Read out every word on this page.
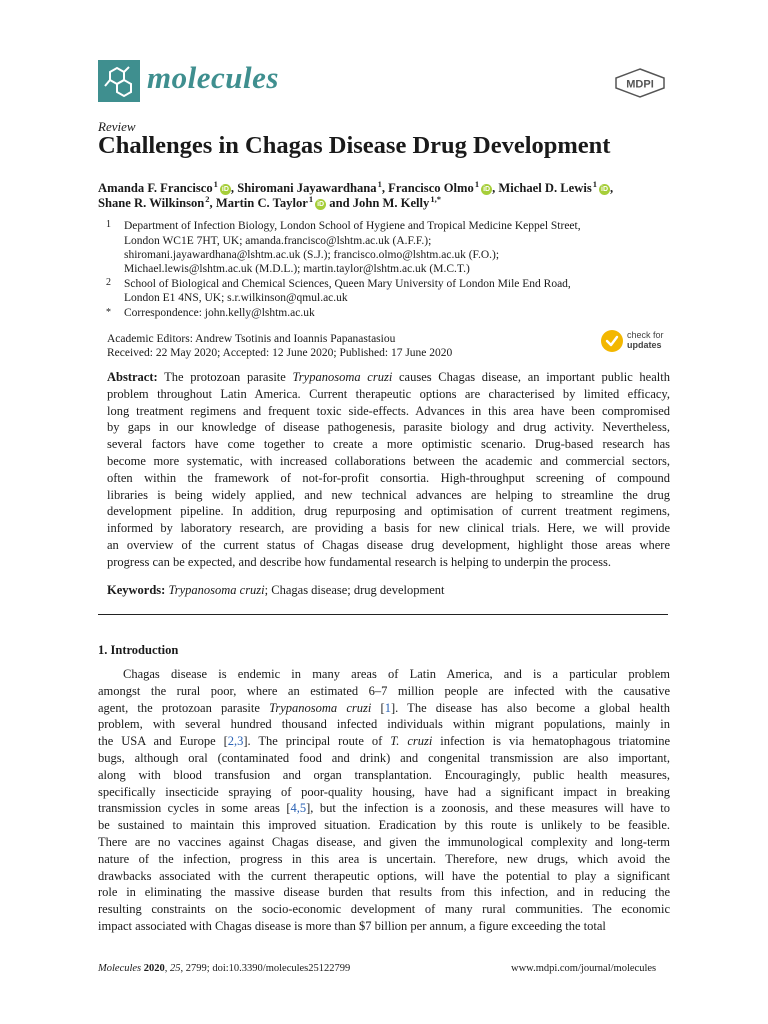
molecules	MDPI
Review
Challenges in Chagas Disease Drug Development
Amanda F. Francisco$^1$iD , Shiromani Jayawardhana$^1$, Francisco Olmo$^1$iD , Michael D. Lewis$^1$iD ,
Shane R. Wilkinson$^2$, Martin C. Taylor$^1$iD and John M. Kelly$^{1,*}$
1 Department of Infection Biology, London School of Hygiene and Tropical Medicine Keppel Street,
London WC1E 7HT, UK; amanda.francisco@lshtm.ac.uk (A.F.F.);
shiromani.jayawardhana@lshtm.ac.uk (S.J.); francisco.olmo@lshtm.ac.uk (F.O.);
Michael.lewis@lshtm.ac.uk (M.D.L.); martin.taylor@lshtm.ac.uk (M.C.T.)
2 School of Biological and Chemical Sciences, Queen Mary University of London Mile End Road,
London E1 4NS, UK; s.r.wilkinson@qmul.ac.uk
* Correspondence: john.kelly@lshtm.ac.uk
Academic Editors: Andrew Tsotinis and Ioannis Papanastasiou
Received: 22 May 2020; Accepted: 12 June 2020; Published: 17 June 2020
check for
updates
Abstract: The protozoan parasite Trypanosoma cruzi causes Chagas disease, an important public health
problem throughout Latin America. Current therapeutic options are characterised by limited efficacy,
long treatment regimens and frequent toxic side-effects. Advances in this area have been compromised
by gaps in our knowledge of disease pathogenesis, parasite biology and drug activity. Nevertheless,
several factors have come together to create a more optimistic scenario. Drug-based research has
become more systematic, with increased collaborations between the academic and commercial sectors,
often within the framework of not-for-profit consortia. High-throughput screening of compound
libraries is being widely applied, and new technical advances are helping to streamline the drug
development pipeline. In addition, drug repurposing and optimisation of current treatment regimens,
informed by laboratory research, are providing a basis for new clinical trials. Here, we will provide
an overview of the current status of Chagas disease drug development, highlight those areas where
progress can be expected, and describe how fundamental research is helping to underpin the process.
Keywords: Trypanosoma cruzi; Chagas disease; drug development
1. Introduction
Chagas disease is endemic in many areas of Latin America, and is a particular problem
amongst the rural poor, where an estimated 6–7 million people are infected with the causative
agent, the protozoan parasite Trypanosoma cruzi [1]. The disease has also become a global health
problem, with several hundred thousand infected individuals within migrant populations, mainly in
the USA and Europe [2,3]. The principal route of T. cruzi infection is via hematophagous triatomine
bugs, although oral (contaminated food and drink) and congenital transmission are also important,
along with blood transfusion and organ transplantation. Encouragingly, public health measures,
specifically insecticide spraying of poor-quality housing, have had a significant impact in breaking
transmission cycles in some areas [4,5], but the infection is a zoonosis, and these measures will have to
be sustained to maintain this improved situation. Eradication by this route is unlikely to be feasible.
There are no vaccines against Chagas disease, and given the immunological complexity and long-term
nature of the infection, progress in this area is uncertain. Therefore, new drugs, which avoid the
drawbacks associated with the current therapeutic options, will have the potential to play a significant
role in eliminating the massive disease burden that results from this infection, and in reducing the
resulting constraints on the socio-economic development of many rural communities. The economic
impact associated with Chagas disease is more than $7 billion per annum, a figure exceeding the total
Molecules 2020, 25, 2799; doi:10.3390/molecules25122799	www.mdpi.com/journal/molecules
